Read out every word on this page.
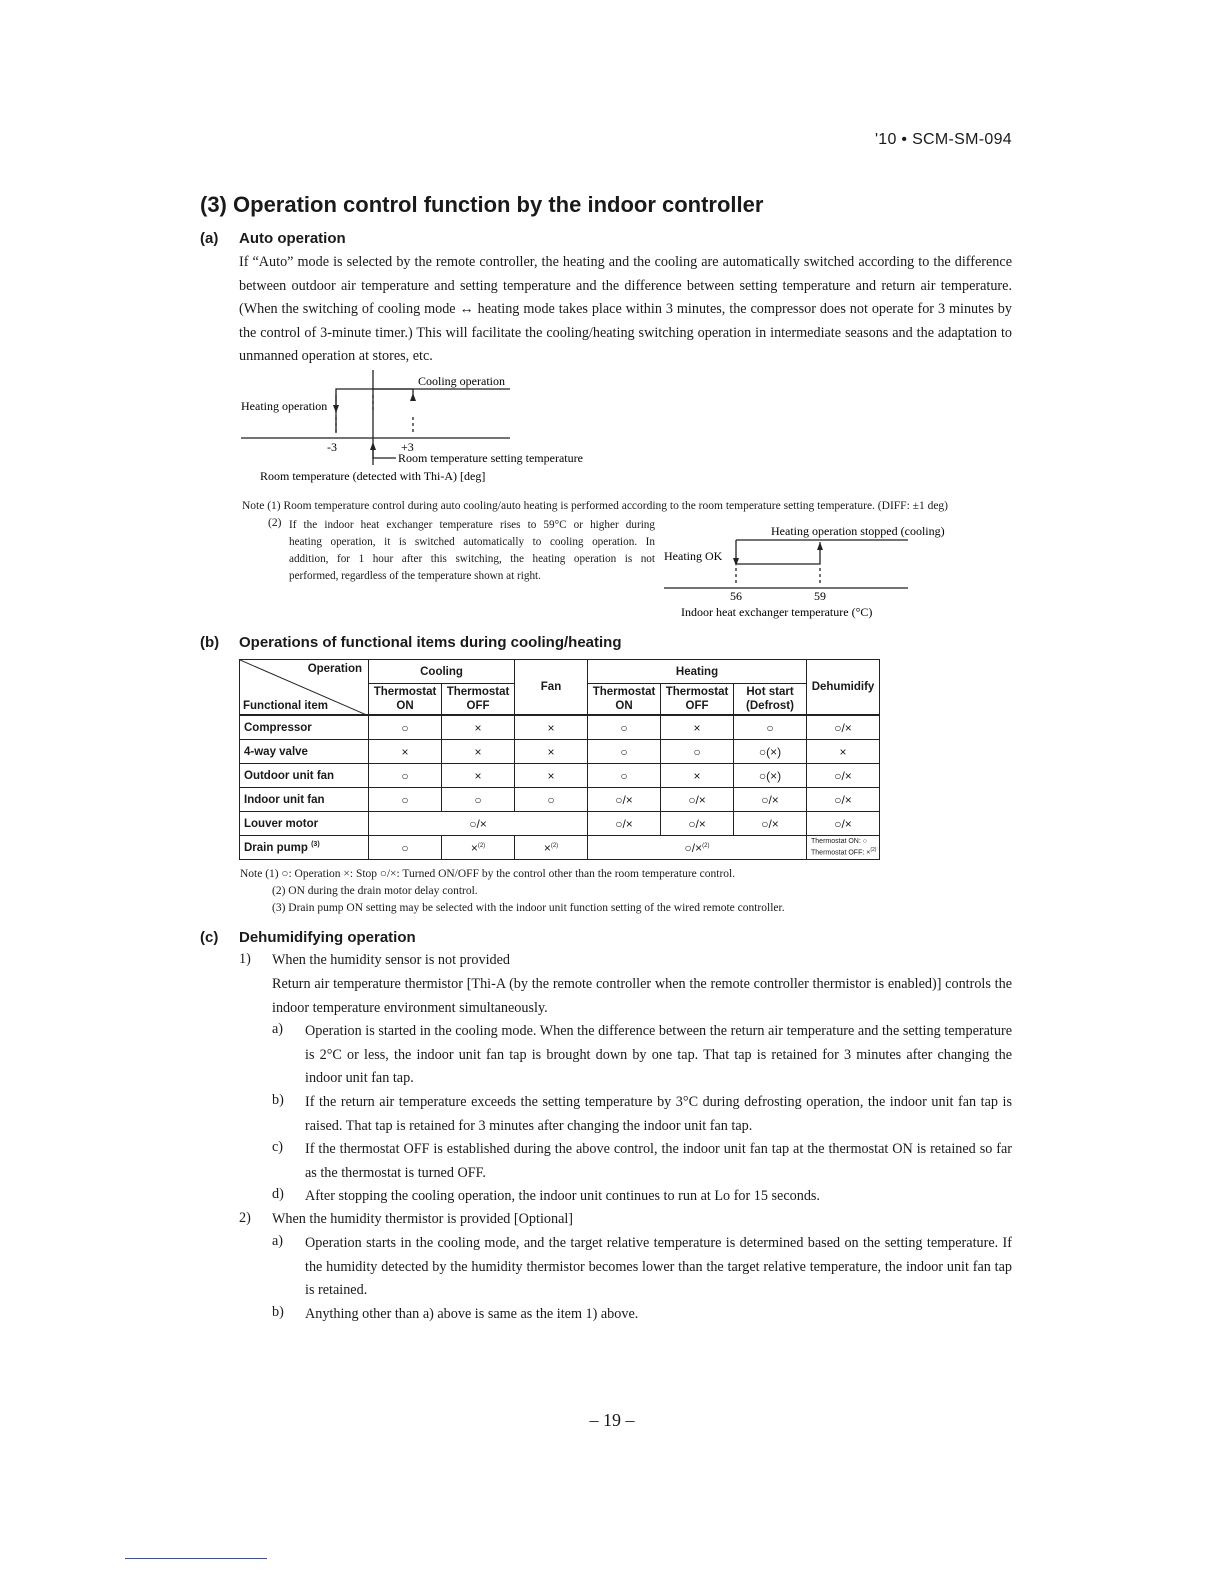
'10 • SCM-SM-094
(3) Operation control function by the indoor controller
(a) Auto operation
If “Auto” mode is selected by the remote controller, the heating and the cooling are automatically switched according to the difference between outdoor air temperature and setting temperature and the difference between setting temperature and return air temperature. (When the switching of cooling mode ↔ heating mode takes place within 3 minutes, the compressor does not operate for 3 minutes by the control of 3-minute timer.) This will facilitate the cooling/heating switching operation in intermediate seasons and the adaptation to unmanned operation at stores, etc.
Cooling operation
Heating operation
-3	+3
Room temperature setting temperature
Room temperature (detected with Thi-A) [deg]
Note (1) Room temperature control during auto cooling/auto heating is performed according to the room temperature setting temperature. (DIFF: ±1 deg)
(2) If the indoor heat exchanger temperature rises to 59°C or higher during
heating operation, it is switched automatically to cooling operation. In
addition, for 1 hour after this switching, the heating operation is not
performed, regardless of the temperature shown at right.
Heating operation stopped (cooling)
Heating OK
56	59
Indoor heat exchanger temperature (°C)
(b) Operations of functional items during cooling/heating
Operation
Functional item	Cooling		Fan	Heating			Dehumidify
	Thermostat ON	Thermostat OFF		Thermostat ON	Thermostat OFF	Hot start (Defrost)	
Compressor	○	×	×	○	×	○	○/×
4-way valve	×	×	×	○	○	○(×)	×
Outdoor unit fan	○	×	×	○	×	○(×)	○/×
Indoor unit fan	○	○	○	○/×	○/×	○/×	○/×
Louver motor	○/×			○/×	○/×	○/×	○/×
Drain pump $^{(3)}$	○	×$^{(2)}$	×$^{(2)}$	○/×$^{(2)}$			Thermostat ON: ○
Thermostat OFF: ×$^{(2)}$
Note (1) ○: Operation ×: Stop ○/×: Turned ON/OFF by the control other than the room temperature control.
(2) ON during the drain motor delay control.
(3) Drain pump ON setting may be selected with the indoor unit function setting of the wired remote controller.
(c) Dehumidifying operation
1) When the humidity sensor is not provided
Return air temperature thermistor [Thi-A (by the remote controller when the remote controller thermistor is enabled)] controls the indoor temperature environment simultaneously.
a) Operation is started in the cooling mode. When the difference between the return air temperature and the setting temperature is 2°C or less, the indoor unit fan tap is brought down by one tap. That tap is retained for 3 minutes after changing the indoor unit fan tap.
b) If the return air temperature exceeds the setting temperature by 3°C during defrosting operation, the indoor unit fan tap is raised. That tap is retained for 3 minutes after changing the indoor unit fan tap.
c) If the thermostat OFF is established during the above control, the indoor unit fan tap at the thermostat ON is retained so far as the thermostat is turned OFF.
d) After stopping the cooling operation, the indoor unit continues to run at Lo for 15 seconds.
2) When the humidity thermistor is provided [Optional]
a) Operation starts in the cooling mode, and the target relative temperature is determined based on the setting temperature. If the humidity detected by the humidity thermistor becomes lower than the target relative temperature, the indoor unit fan tap is retained.
b) Anything other than a) above is same as the item 1) above.
– 19 –
